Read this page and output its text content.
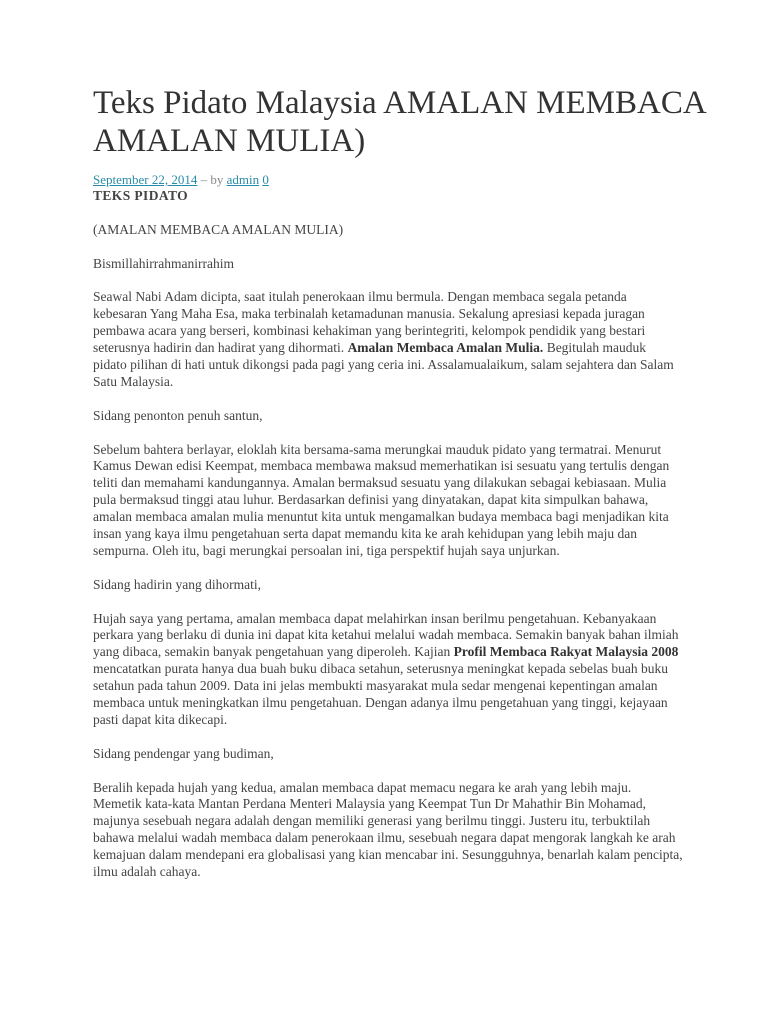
Teks Pidato Malaysia AMALAN MEMBACA AMALAN MULIA)
September 22, 2014 – by admin 0

TEKS PIDATO

(AMALAN MEMBACA AMALAN MULIA)

Bismillahirrahmanirrahim

Seawal Nabi Adam dicipta, saat itulah penerokaan ilmu bermula. Dengan membaca segala petanda kebesaran Yang Maha Esa, maka terbinalah ketamadunan manusia. Sekalung apresiasi kepada juragan pembawa acara yang berseri, kombinasi kehakiman yang berintegriti, kelompok pendidik yang bestari seterusnya hadirin dan hadirat yang dihormati. Amalan Membaca Amalan Mulia. Begitulah mauduk pidato pilihan di hati untuk dikongsi pada pagi yang ceria ini. Assalamualaikum, salam sejahtera dan Salam Satu Malaysia.

Sidang penonton penuh santun,

Sebelum bahtera berlayar, eloklah kita bersama-sama merungkai mauduk pidato yang termatrai. Menurut Kamus Dewan edisi Keempat, membaca membawa maksud memerhatikan isi sesuatu yang tertulis dengan teliti dan memahami kandungannya. Amalan bermaksud sesuatu yang dilakukan sebagai kebiasaan. Mulia pula bermaksud tinggi atau luhur. Berdasarkan definisi yang dinyatakan, dapat kita simpulkan bahawa, amalan membaca amalan mulia menuntut kita untuk mengamalkan budaya membaca bagi menjadikan kita insan yang kaya ilmu pengetahuan serta dapat memandu kita ke arah kehidupan yang lebih maju dan sempurna. Oleh itu, bagi merungkai persoalan ini, tiga perspektif hujah saya unjurkan.

Sidang hadirin yang dihormati,

Hujah saya yang pertama, amalan membaca dapat melahirkan insan berilmu pengetahuan. Kebanyakaan perkara yang berlaku di dunia ini dapat kita ketahui melalui wadah membaca. Semakin banyak bahan ilmiah yang dibaca, semakin banyak pengetahuan yang diperoleh. Kajian Profil Membaca Rakyat Malaysia 2008 mencatatkan purata hanya dua buah buku dibaca setahun, seterusnya meningkat kepada sebelas buah buku setahun pada tahun 2009. Data ini jelas membukti masyarakat mula sedar mengenai kepentingan amalan membaca untuk meningkatkan ilmu pengetahuan. Dengan adanya ilmu pengetahuan yang tinggi, kejayaan pasti dapat kita dikecapi.

Sidang pendengar yang budiman,

Beralih kepada hujah yang kedua, amalan membaca dapat memacu negara ke arah yang lebih maju. Memetik kata-kata Mantan Perdana Menteri Malaysia yang Keempat Tun Dr Mahathir Bin Mohamad, majunya sesebuah negara adalah dengan memiliki generasi yang berilmu tinggi. Justeru itu, terbuktilah bahawa melalui wadah membaca dalam penerokaan ilmu, sesebuah negara dapat mengorak langkah ke arah kemajuan dalam mendepani era globalisasi yang kian mencabar ini. Sesungguhnya, benarlah kalam pencipta, ilmu adalah cahaya.
